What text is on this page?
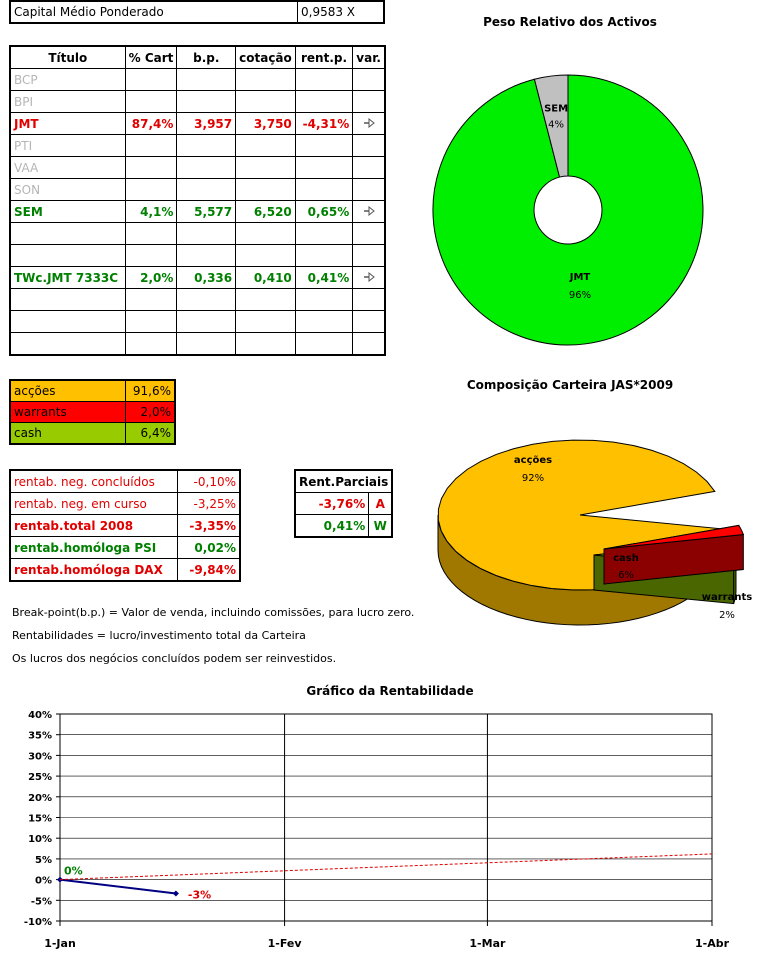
Capital Médio Ponderado	0,9583 X
Título	% Cart	b.p.	cotação	rent.p.	var.
BCP					
BPI					
JMT	87,4%	3,957	3,750	-4,31%	
PTI					
VAA					
SON					
SEM	4,1%	5,577	6,520	0,65%	

TWc.JMT 7333C	2,0%	0,336	0,410	0,41%	

acções	91,6%
warrants	2,0%
cash	6,4%
rentab. neg. concluídos	-0,10%
rentab. neg. em curso	-3,25%
rentab.total 2008	-3,35%
rentab.homóloga PSI	0,02%
rentab.homóloga DAX	-9,84%
Rent.Parciais	
-3,76%	A
0,41%	W
Break-point(b.p.) = Valor de venda, incluindo comissões, para lucro zero.
Rentabilidades = lucro/investimento total da Carteira
Os lucros dos negócios concluídos podem ser reinvestidos.
Peso Relativo dos Activos
SEM
4%
JMT
96%
Composição Carteira JAS*2009
acções
92%
cash
6%
warrants
2%
Gráfico da Rentabilidade
40%
35%
30%
25%
20%
15%
10%
5%
0%
-5%
-10%
1-Jan	1-Fev	1-Mar	1-Abr
0%
-3%
